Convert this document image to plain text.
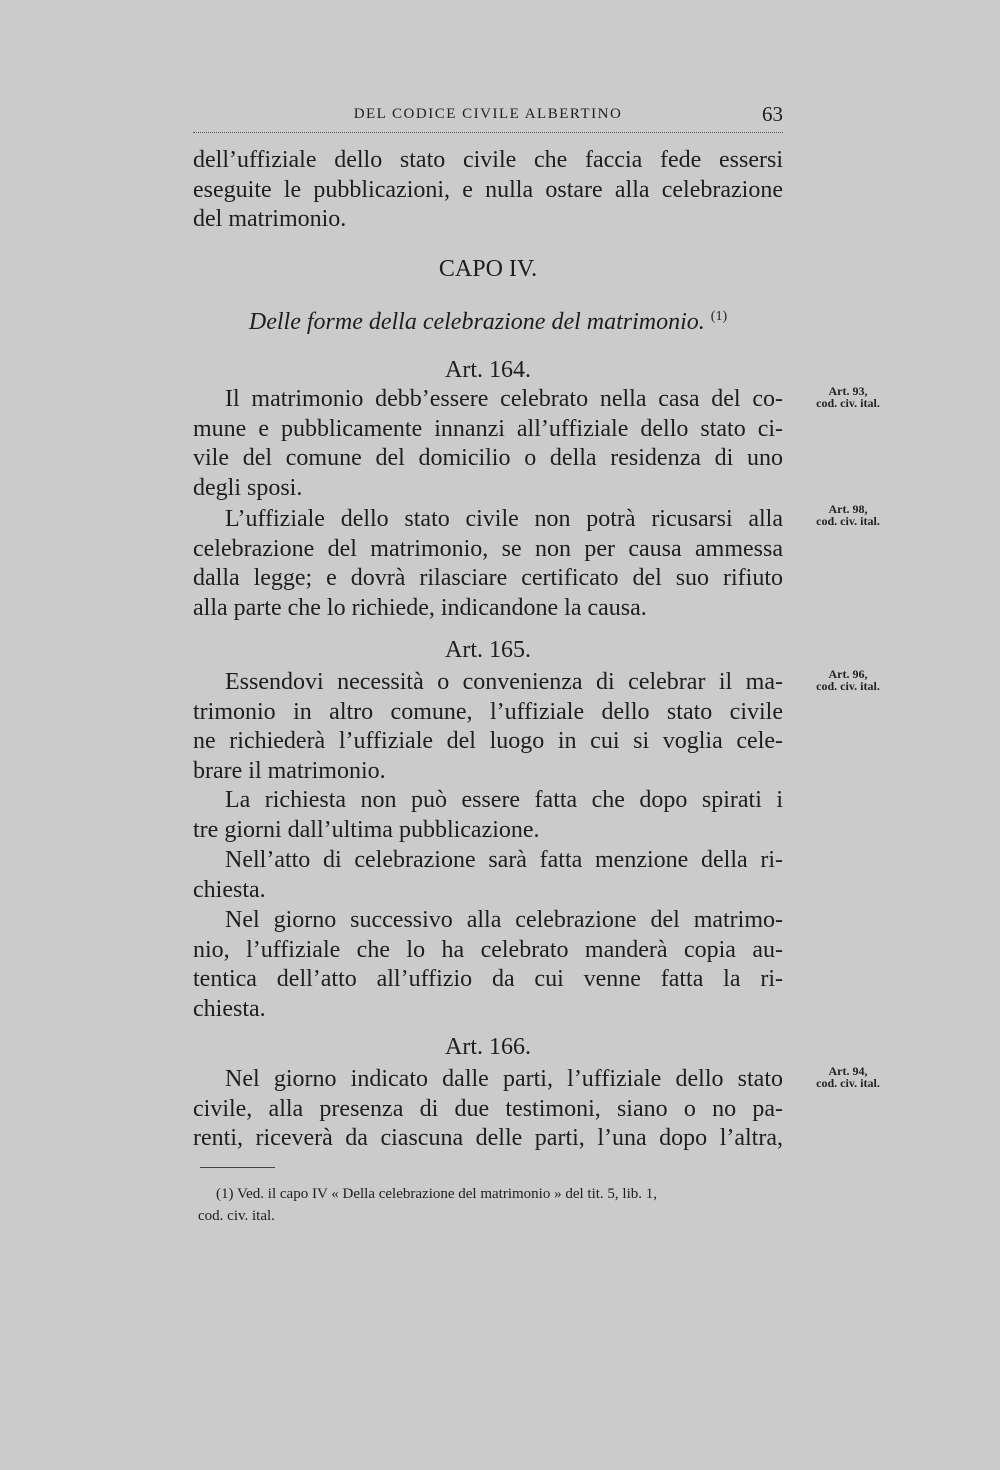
DEL CODICE CIVILE ALBERTINO	63
dell’uffiziale dello stato civile che faccia fede essersi
eseguite le pubblicazioni, e nulla ostare alla celebrazione
del matrimonio.
CAPO IV.
Delle forme della celebrazione del matrimonio. $^{(1)}$
Art. 164.
Il matrimonio debb’essere celebrato nella casa del co-
mune e pubblicamente innanzi all’uffiziale dello stato ci-
vile del comune del domicilio o della residenza di uno
degli sposi.
L’uffiziale dello stato civile non potrà ricusarsi alla
celebrazione del matrimonio, se non per causa ammessa
dalla legge; e dovrà rilasciare certificato del suo rifiuto
alla parte che lo richiede, indicandone la causa.
Art. 165.
Essendovi necessità o convenienza di celebrar il ma-
trimonio in altro comune, l’uffiziale dello stato civile
ne richiederà l’uffiziale del luogo in cui si voglia cele-
brare il matrimonio.
La richiesta non può essere fatta che dopo spirati i
tre giorni dall’ultima pubblicazione.
Nell’atto di celebrazione sarà fatta menzione della ri-
chiesta.
Nel giorno successivo alla celebrazione del matrimo-
nio, l’uffiziale che lo ha celebrato manderà copia au-
tentica dell’atto all’uffizio da cui venne fatta la ri-
chiesta.
Art. 166.
Nel giorno indicato dalle parti, l’uffiziale dello stato
civile, alla presenza di due testimoni, siano o no pa-
renti, riceverà da ciascuna delle parti, l’una dopo l’altra,
Art. 93,
cod. civ. ital.
Art. 98,
cod. civ. ital.
Art. 96,
cod. civ. ital.
Art. 94,
cod. civ. ital.
(1) Ved. il capo IV « Della celebrazione del matrimonio » del tit. 5, lib. 1,
cod. civ. ital.
